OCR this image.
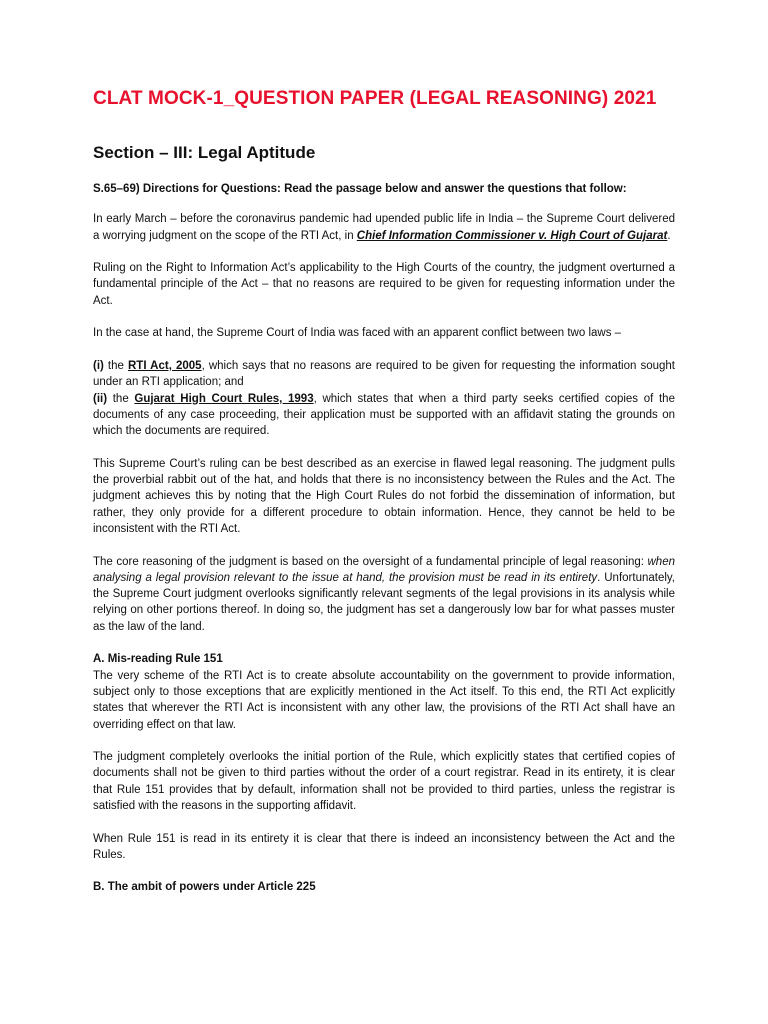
CLAT MOCK-1_QUESTION PAPER (LEGAL REASONING) 2021
Section – III: Legal Aptitude

S.65–69) Directions for Questions: Read the passage below and answer the questions that follow:

In early March – before the coronavirus pandemic had upended public life in India – the Supreme Court delivered a worrying judgment on the scope of the RTI Act, in Chief Information Commissioner v. High Court of Gujarat.

Ruling on the Right to Information Act’s applicability to the High Courts of the country, the judgment overturned a fundamental principle of the Act – that no reasons are required to be given for requesting information under the Act.

In the case at hand, the Supreme Court of India was faced with an apparent conflict between two laws –

(i) the RTI Act, 2005, which says that no reasons are required to be given for requesting the information sought under an RTI application; and

(ii) the Gujarat High Court Rules, 1993, which states that when a third party seeks certified copies of the documents of any case proceeding, their application must be supported with an affidavit stating the grounds on which the documents are required.

This Supreme Court’s ruling can be best described as an exercise in flawed legal reasoning. The judgment pulls the proverbial rabbit out of the hat, and holds that there is no inconsistency between the Rules and the Act. The judgment achieves this by noting that the High Court Rules do not forbid the dissemination of information, but rather, they only provide for a different procedure to obtain information. Hence, they cannot be held to be inconsistent with the RTI Act.

The core reasoning of the judgment is based on the oversight of a fundamental principle of legal reasoning: when analysing a legal provision relevant to the issue at hand, the provision must be read in its entirety. Unfortunately, the Supreme Court judgment overlooks significantly relevant segments of the legal provisions in its analysis while relying on other portions thereof. In doing so, the judgment has set a dangerously low bar for what passes muster as the law of the land.

A. Mis-reading Rule 151
The very scheme of the RTI Act is to create absolute accountability on the government to provide information, subject only to those exceptions that are explicitly mentioned in the Act itself. To this end, the RTI Act explicitly states that wherever the RTI Act is inconsistent with any other law, the provisions of the RTI Act shall have an overriding effect on that law.

The judgment completely overlooks the initial portion of the Rule, which explicitly states that certified copies of documents shall not be given to third parties without the order of a court registrar. Read in its entirety, it is clear that Rule 151 provides that by default, information shall not be provided to third parties, unless the registrar is satisfied with the reasons in the supporting affidavit.

When Rule 151 is read in its entirety it is clear that there is indeed an inconsistency between the Act and the Rules.

B. The ambit of powers under Article 225
